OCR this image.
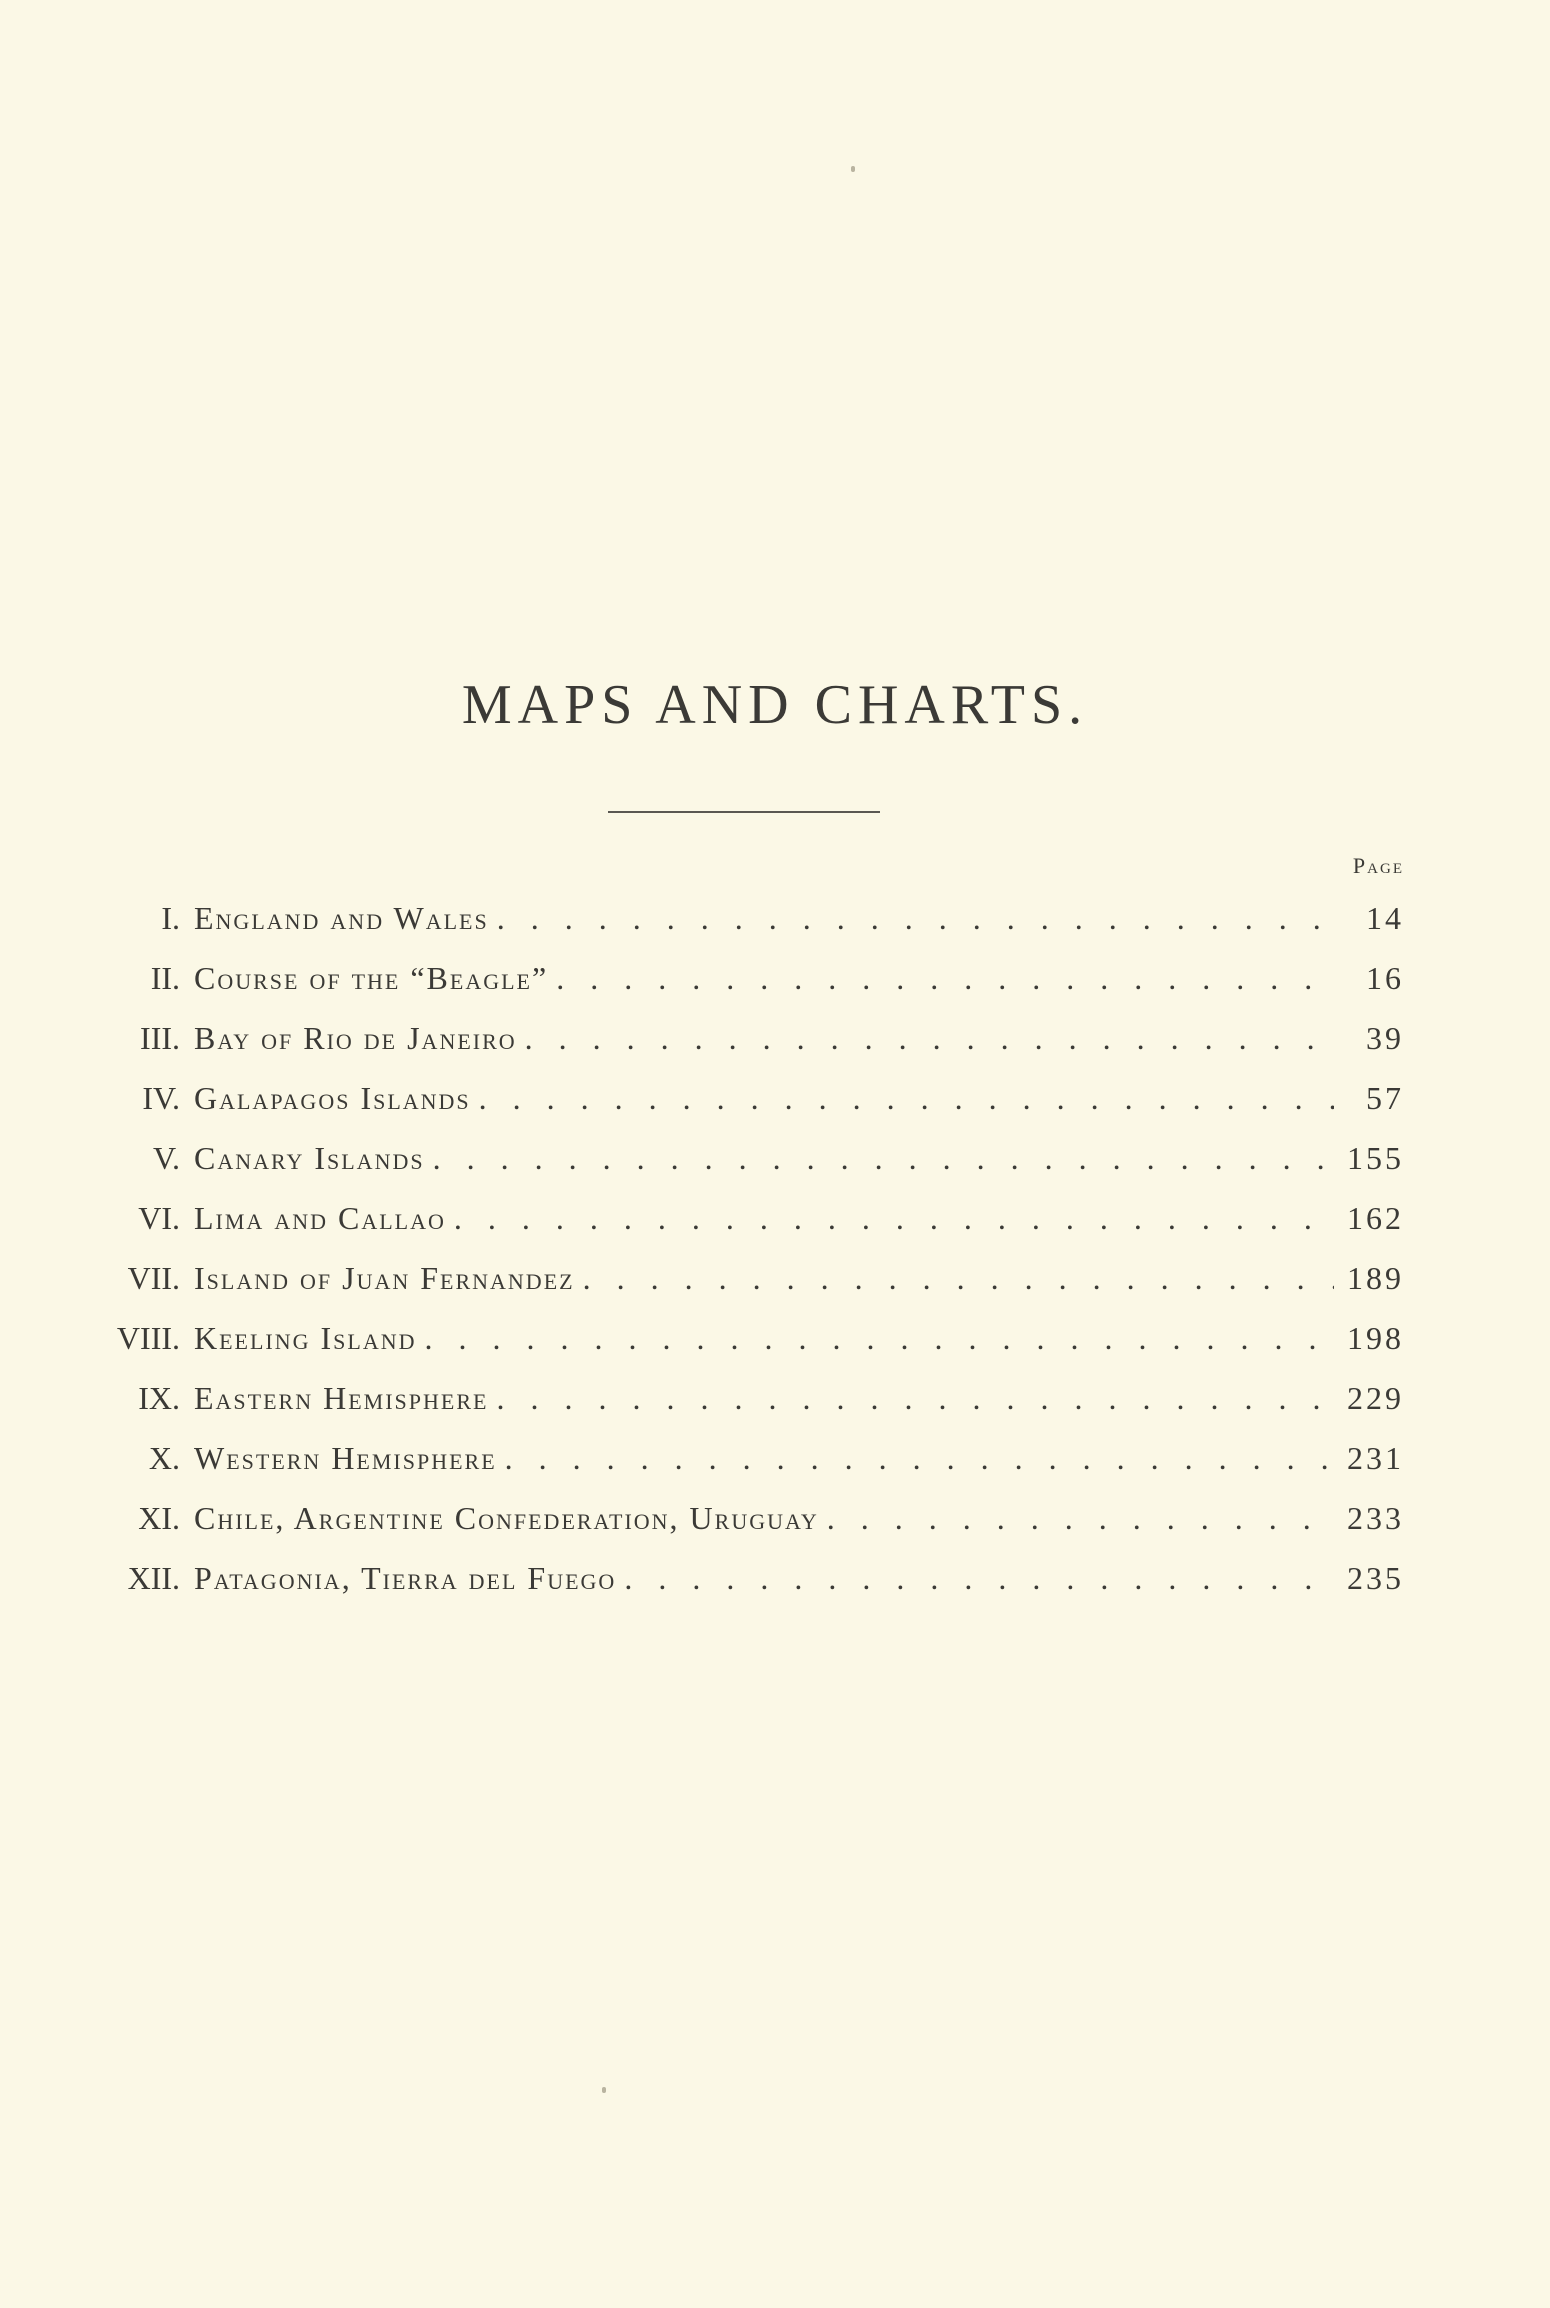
MAPS AND CHARTS.
Page
I. England and Wales . . .	14
II. Course of the “Beagle” . . .	16
III. Bay of Rio de Janeiro . . .	39
IV. Galapagos Islands . . .	57
V. Canary Islands . . .	155
VI. Lima and Callao . . .	162
VII. Island of Juan Fernandez . . .	189
VIII. Keeling Island . . .	198
IX. Eastern Hemisphere . . .	229
X. Western Hemisphere . . .	231
XI. Chile, Argentine Confederation, Uruguay . . .	233
XII. Patagonia, Tierra del Fuego . . .	235
